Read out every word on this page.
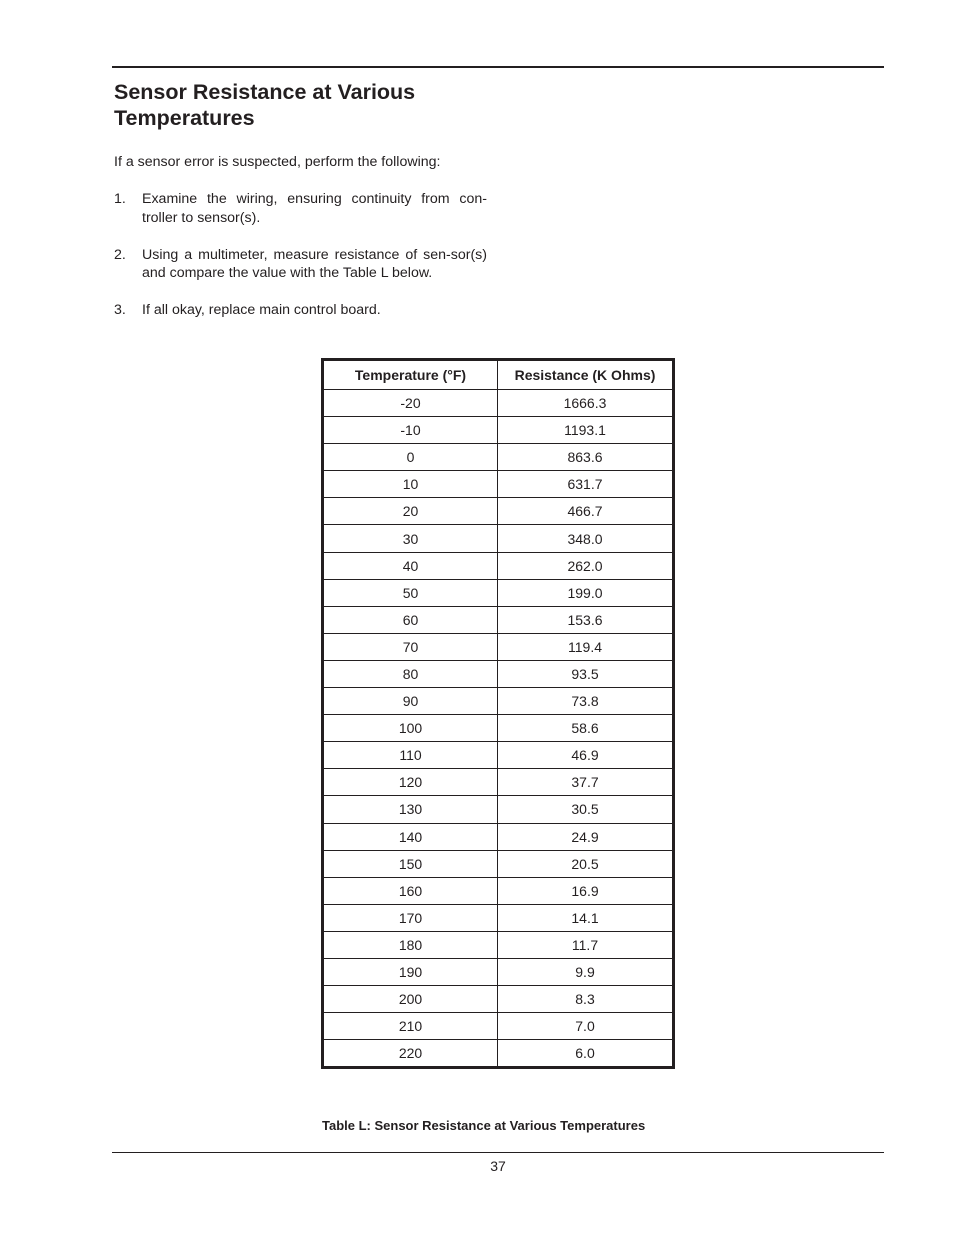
Sensor Resistance at Various Temperatures

If a sensor error is suspected, perform the following:

1. Examine the wiring, ensuring continuity from con-troller to sensor(s).
2. Using a multimeter, measure resistance of sen-sor(s) and compare the value with the Table L below.
3. If all okay, replace main control board.
Temperature (°F)	Resistance (K Ohms)
-20	1666.3
-10	1193.1
0	863.6
10	631.7
20	466.7
30	348.0
40	262.0
50	199.0
60	153.6
70	119.4
80	93.5
90	73.8
100	58.6
110	46.9
120	37.7
130	30.5
140	24.9
150	20.5
160	16.9
170	14.1
180	11.7
190	9.9
200	8.3
210	7.0
220	6.0

Table L: Sensor Resistance at Various Temperatures

37
